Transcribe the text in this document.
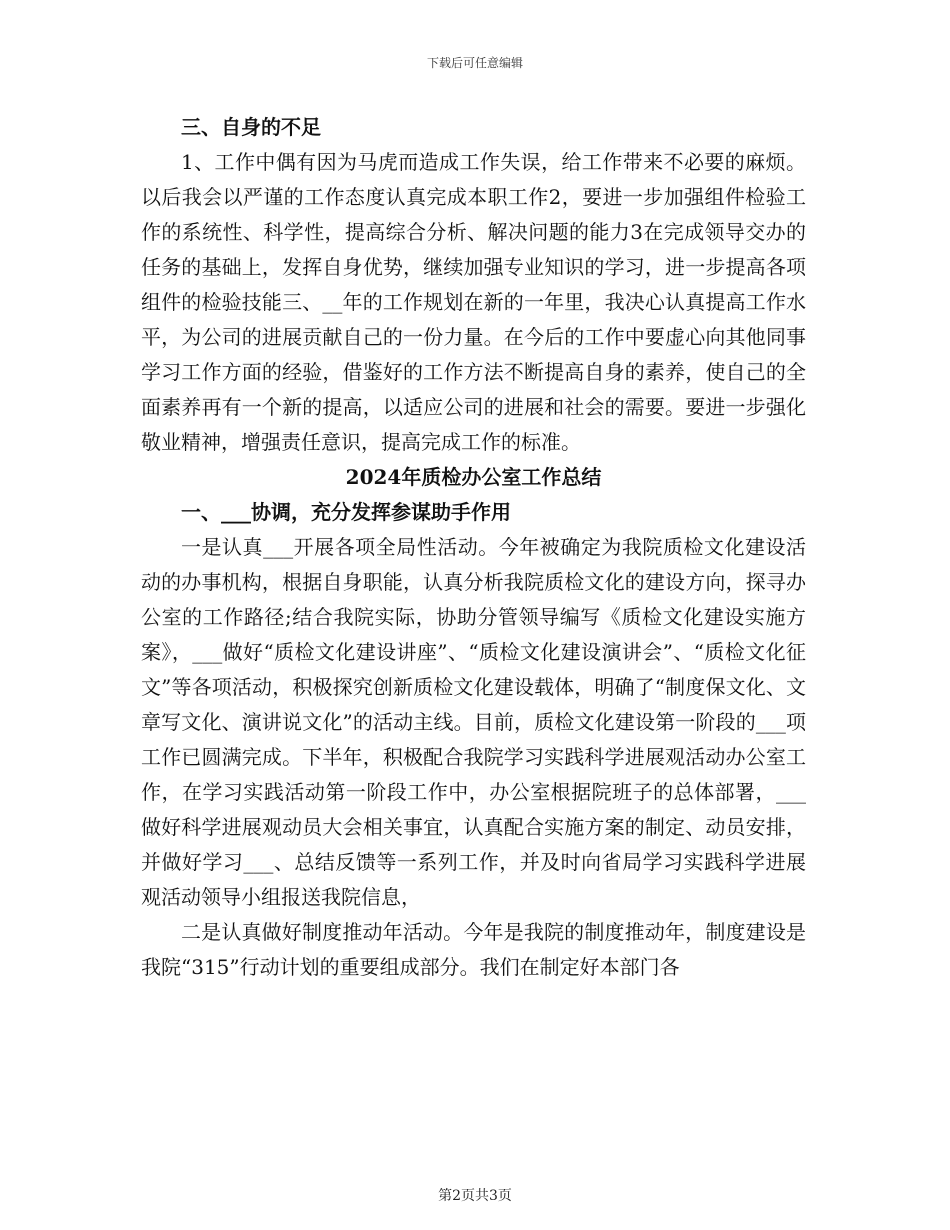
下载后可任意编辑

三、自身的不足

1、工作中偶有因为马虎而造成工作失误，给工作带来不必要的麻烦。以后我会以严谨的工作态度认真完成本职工作2，要进一步加强组件检验工作的系统性、科学性，提高综合分析、解决问题的能力3在完成领导交办的任务的基础上，发挥自身优势，继续加强专业知识的学习，进一步提高各项组件的检验技能三、__年的工作规划在新的一年里，我决心认真提高工作水平，为公司的进展贡献自己的一份力量。在今后的工作中要虚心向其他同事学习工作方面的经验，借鉴好的工作方法不断提高自身的素养，使自己的全面素养再有一个新的提高，以适应公司的进展和社会的需要。要进一步强化敬业精神，增强责任意识，提高完成工作的标准。

2024年质检办公室工作总结

一、___协调，充分发挥参谋助手作用

一是认真___开展各项全局性活动。今年被确定为我院质检文化建设活动的办事机构，根据自身职能，认真分析我院质检文化的建设方向，探寻办公室的工作路径;结合我院实际，协助分管领导编写《质检文化建设实施方案》，___做好“质检文化建设讲座”、“质检文化建设演讲会”、“质检文化征文”等各项活动，积极探究创新质检文化建设载体，明确了“制度保文化、文章写文化、演讲说文化”的活动主线。目前，质检文化建设第一阶段的___项工作已圆满完成。下半年，积极配合我院学习实践科学进展观活动办公室工作，在学习实践活动第一阶段工作中，办公室根据院班子的总体部署，___做好科学进展观动员大会相关事宜，认真配合实施方案的制定、动员安排，并做好学习___、总结反馈等一系列工作，并及时向省局学习实践科学进展观活动领导小组报送我院信息，

二是认真做好制度推动年活动。今年是我院的制度推动年，制度建设是我院“315”行动计划的重要组成部分。我们在制定好本部门各

第2页共3页
